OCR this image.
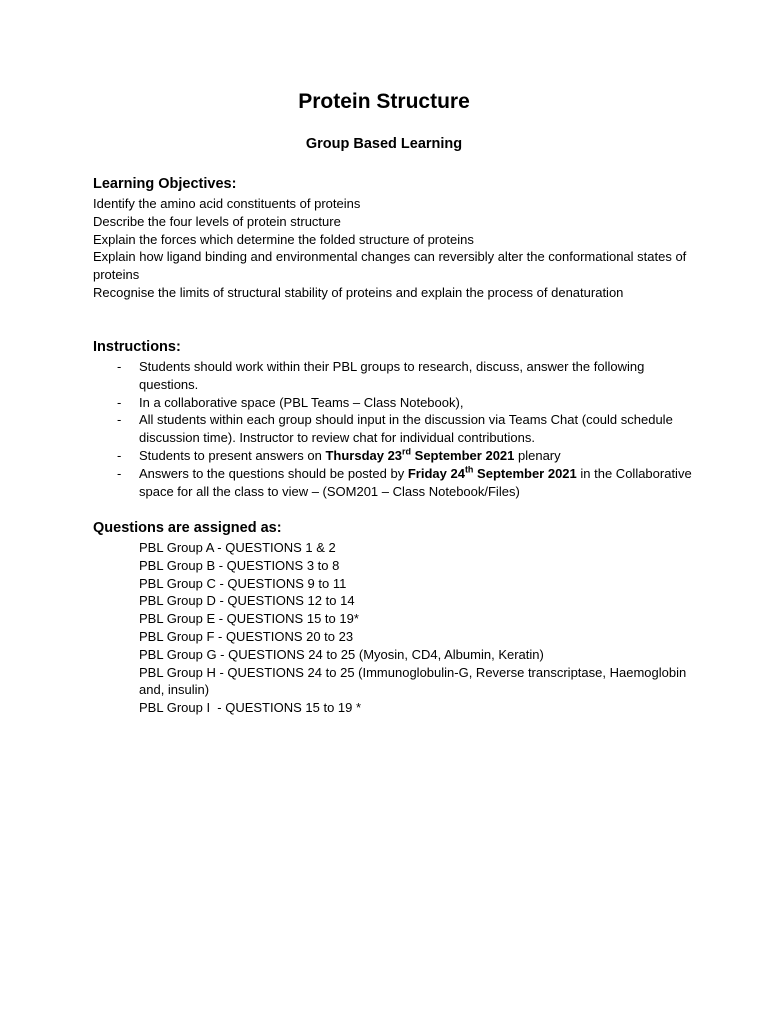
Protein Structure
Group Based Learning
Learning Objectives:
Identify the amino acid constituents of proteins
Describe the four levels of protein structure
Explain the forces which determine the folded structure of proteins
Explain how ligand binding and environmental changes can reversibly alter the conformational states of proteins
Recognise the limits of structural stability of proteins and explain the process of denaturation
Instructions:
- Students should work within their PBL groups to research, discuss, answer the following questions.
- In a collaborative space (PBL Teams – Class Notebook),
- All students within each group should input in the discussion via Teams Chat (could schedule discussion time). Instructor to review chat for individual contributions.
- Students to present answers on Thursday 23rd September 2021 plenary
- Answers to the questions should be posted by Friday 24th September 2021 in the Collaborative space for all the class to view – (SOM201 – Class Notebook/Files)
Questions are assigned as:
PBL Group A - QUESTIONS 1 & 2
PBL Group B - QUESTIONS 3 to 8
PBL Group C - QUESTIONS 9 to 11
PBL Group D - QUESTIONS 12 to 14
PBL Group E - QUESTIONS 15 to 19*
PBL Group F - QUESTIONS 20 to 23
PBL Group G - QUESTIONS 24 to 25 (Myosin, CD4, Albumin, Keratin)
PBL Group H - QUESTIONS 24 to 25 (Immunoglobulin-G, Reverse transcriptase, Haemoglobin and, insulin)
PBL Group I  - QUESTIONS 15 to 19 *
